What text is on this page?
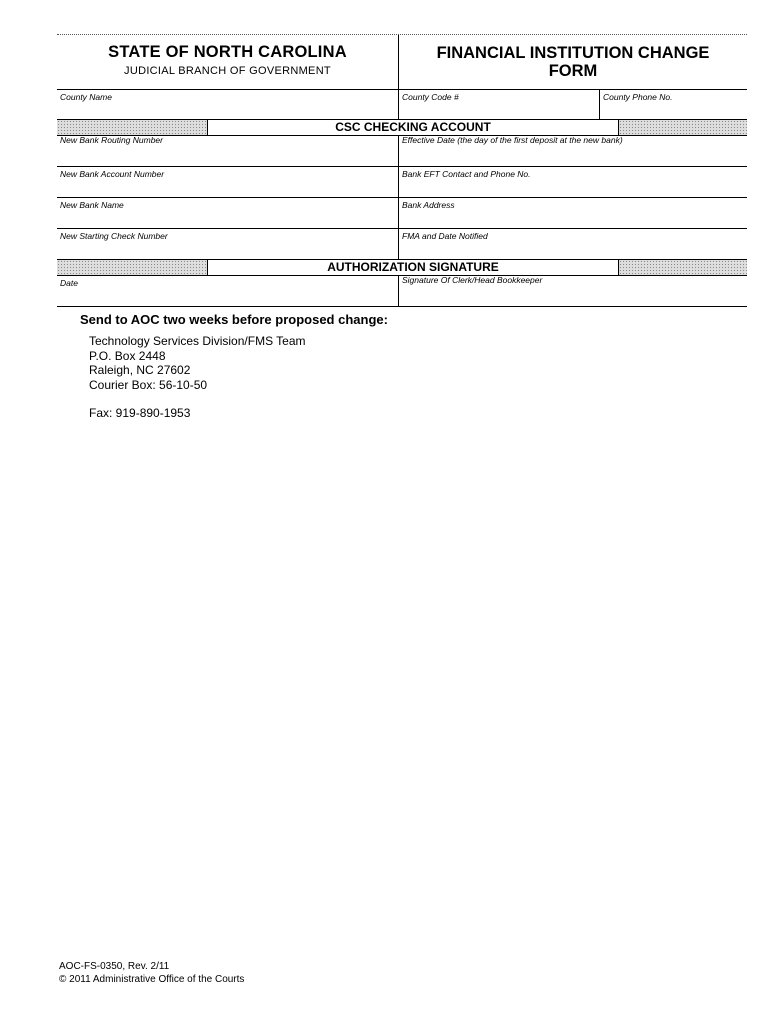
STATE OF NORTH CAROLINA
JUDICIAL BRANCH OF GOVERNMENT
FINANCIAL INSTITUTION CHANGE
FORM
County Name	County Code #	County Phone No.
CSC CHECKING ACCOUNT
New Bank Routing Number	Effective Date (the day of the first deposit at the new bank)
New Bank Account Number	Bank EFT Contact and Phone No.
New Bank Name	Bank Address
New Starting Check Number	FMA and Date Notified
AUTHORIZATION SIGNATURE
Date	Signature Of Clerk/Head Bookkeeper
Send to AOC two weeks before proposed change:
Technology Services Division/FMS Team
P.O. Box 2448
Raleigh, NC 27602
Courier Box: 56-10-50
Fax: 919-890-1953
AOC-FS-0350, Rev. 2/11
© 2011 Administrative Office of the Courts
